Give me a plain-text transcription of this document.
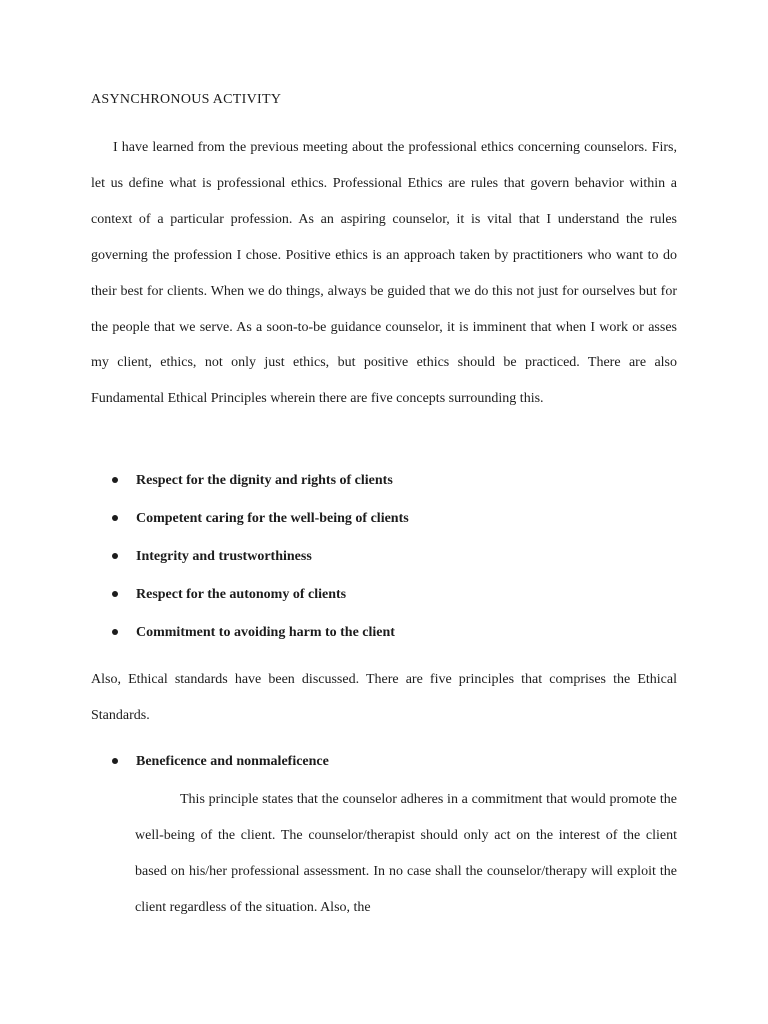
ASYNCHRONOUS ACTIVITY

I have learned from the previous meeting about the professional ethics concerning counselors. Firs, let us define what is professional ethics. Professional Ethics are rules that govern behavior within a context of a particular profession. As an aspiring counselor, it is vital that I understand the rules governing the profession I chose. Positive ethics is an approach taken by practitioners who want to do their best for clients. When we do things, always be guided that we do this not just for ourselves but for the people that we serve. As a soon-to-be guidance counselor, it is imminent that when I work or asses my client, ethics, not only just ethics, but positive ethics should be practiced. There are also Fundamental Ethical Principles wherein there are five concepts surrounding this.

Respect for the dignity and rights of clients
Competent caring for the well-being of clients
Integrity and trustworthiness
Respect for the autonomy of clients
Commitment to avoiding harm to the client

Also, Ethical standards have been discussed. There are five principles that comprises the Ethical Standards.

Beneficence and nonmaleficence

This principle states that the counselor adheres in a commitment that would promote the well-being of the client. The counselor/therapist should only act on the interest of the client based on his/her professional assessment. In no case shall the counselor/therapy will exploit the client regardless of the situation. Also, the
